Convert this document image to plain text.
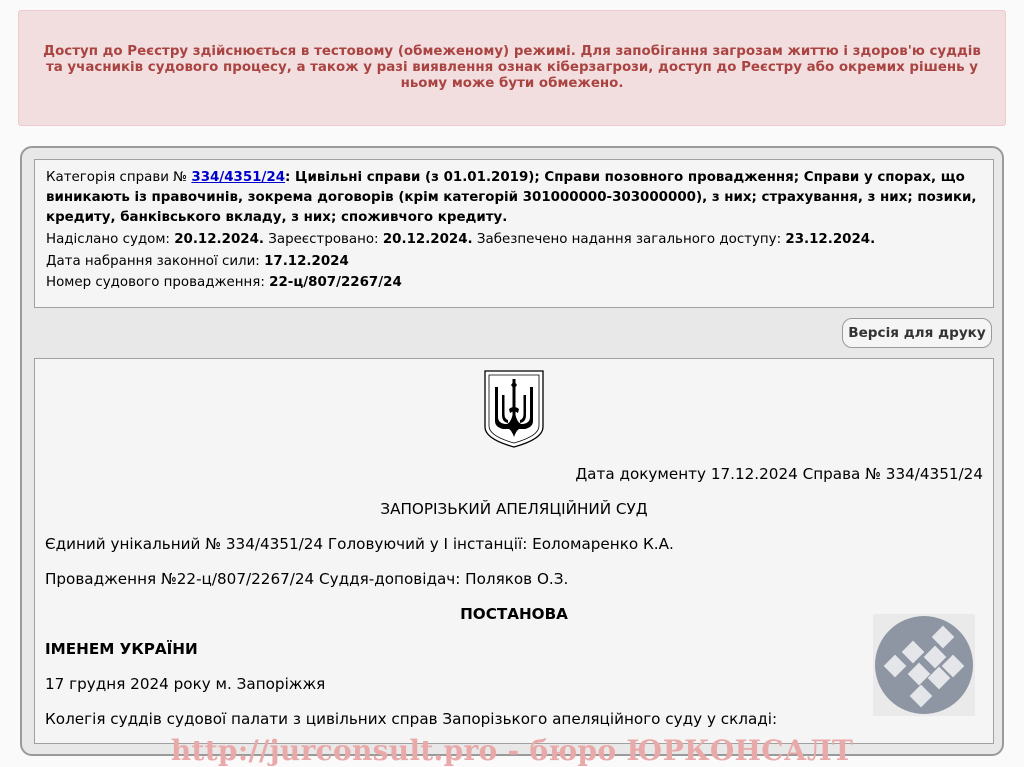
Доступ до Реєстру здійснюється в тестовому (обмеженому) режимі. Для запобігання загрозам життю і здоров'ю суддів та учасників судового процесу, а також у разі виявлення ознак кіберзагрози, доступ до Реєстру або окремих рішень у ньому може бути обмежено.

Категорія справи № 334/4351/24: Цивільні справи (з 01.01.2019); Справи позовного провадження; Справи у спорах, що виникають із правочинів, зокрема договорів (крім категорій 301000000-303000000), з них; страхування, з них; позики, кредиту, банківського вкладу, з них; споживчого кредиту.
Надіслано судом: 20.12.2024. Зареєстровано: 20.12.2024. Забезпечено надання загального доступу: 23.12.2024.
Дата набрання законної сили: 17.12.2024
Номер судового провадження: 22-ц/807/2267/24
Версія для друку
Дата документу 17.12.2024 Справа № 334/4351/24
ЗАПОРІЗЬКИЙ АПЕЛЯЦІЙНИЙ СУД
Єдиний унікальний № 334/4351/24 Головуючий у I інстанції: Еоломаренко К.А.
Провадження №22-ц/807/2267/24 Суддя-доповідач: Поляков О.З.
ПОСТАНОВА
ІМЕНЕМ УКРАЇНИ
17 грудня 2024 року м. Запоріжжя
Колегія суддів судової палати з цивільних справ Запорізького апеляційного суду у складі:
http://jurconsult.pro - бюро ЮРКОНСАЛТ
